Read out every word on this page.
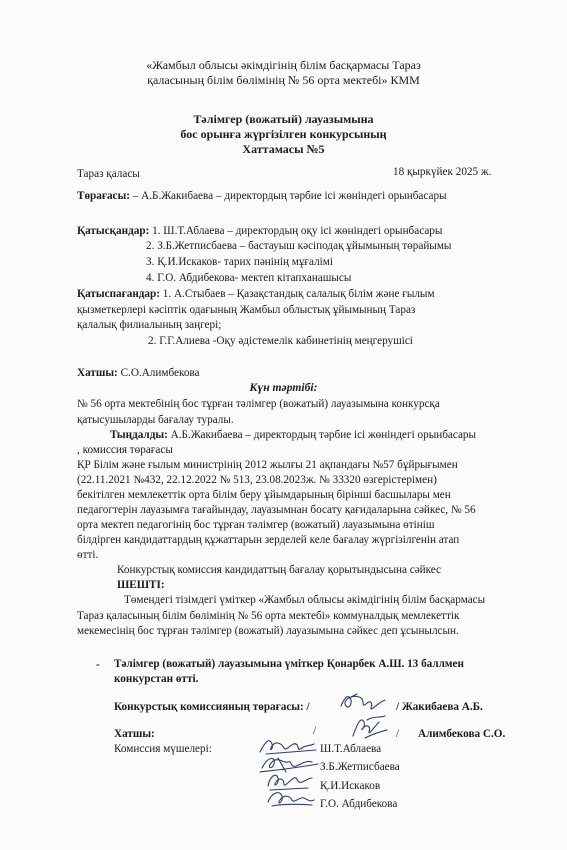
«Жамбыл облысы әкімдігінің білім басқармасы Тараз
қаласының білім бөлімінің № 56 орта мектебі» КММ
Тәлімгер (вожатый) лауазымына
бос орынға жүргізілген конкурсының
Хаттамасы №5
Тараз қаласы	18 қыркүйек 2025 ж.
Төрағасы: – А.Б.Жакибаева – директордың тәрбие ісі жөніндегі орынбасары
Қатысқандар: 1. Ш.Т.Аблаева – директордың оқу ісі жөніндегі орынбасары
2. З.Б.Жетписбаева – бастауыш кәсіподақ ұйымының төрайымы
3. Қ.И.Искаков- тарих пәнінің мұғалімі
4. Г.О. Абдибекова- мектеп кітапханашысы
Қатыспағандар: 1. А.Стыбаев – Қазақстандық салалық білім және ғылым
қызметкерлері кәсіптік одағының Жамбыл облыстық ұйымының Тараз
қалалық филиалының заңгері;
2. Г.Г.Алиева -Оқу әдістемелік кабинетінің меңгерушісі
Хатшы: С.О.Алимбекова
Күн тәртібі:
№ 56 орта мектебінің бос тұрған тәлімгер (вожатый) лауазымына конкурсқа
қатысушыларды бағалау туралы.
Тыңдалды: А.Б.Жакибаева – директордың тәрбие ісі жөніндегі орынбасары
, комиссия төрағасы
ҚР Білім және ғылым министрінің 2012 жылғы 21 ақпандағы №57 бұйрығымен
(22.11.2021 №432, 22.12.2022 № 513, 23.08.2023ж. № 33320 өзгерістерімен)
бекітілген мемлекеттік орта білім беру ұйымдарының бірінші басшылары мен
педагогтерін лауазымға тағайындау, лауазымнан босату қағидаларына сәйкес, № 56
орта мектеп педагогінің бос тұрған тәлімгер (вожатый) лауазымына өтініш
білдірген кандидаттардың құжаттарын зерделей келе бағалау жүргізілгенін атап
өтті.
Конкурстық комиссия кандидаттың бағалау қорытындысына сәйкес
ШЕШТІ:
Төмендегі тізімдегі үміткер «Жамбыл облысы әкімдігінің білім басқармасы
Тараз қаласының білім бөлімінің № 56 орта мектебі» коммуналдық мемлекеттік
мекемесінің бос тұрған тәлімгер (вожатый) лауазымына сәйкес деп ұсынылсын.
- Тәлімгер (вожатый) лауазымына үміткер Қонарбек А.Ш. 13 баллмен
конкурстан өтті.
Конкурстық комиссияның төрағасы: /	/ Жакибаева А.Б.
Хатшы:	/	/ Алимбекова С.О.
Комиссия мүшелері:	Ш.Т.Аблаева
З.Б.Жетписбаева
Қ.И.Искаков
Г.О. Абдибекова
